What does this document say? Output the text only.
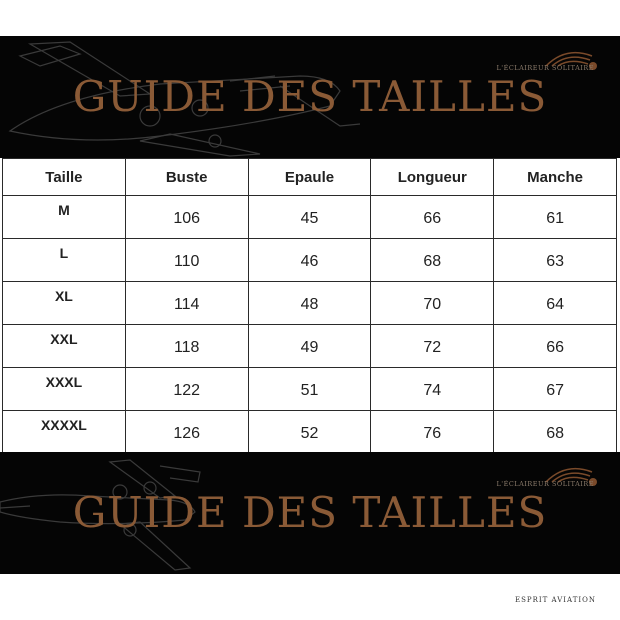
GUIDE DES TAILLES
L'ÉCLAIREUR SOLITAIRE
Taille	Buste	Epaule	Longueur	Manche
M	106	45	66	61
L	110	46	68	63
XL	114	48	70	64
XXL	118	49	72	66
XXXL	122	51	74	67
XXXXL	126	52	76	68

GUIDE DES TAILLES
L'ÉCLAIREUR SOLITAIRE
ESPRIT AVIATION
